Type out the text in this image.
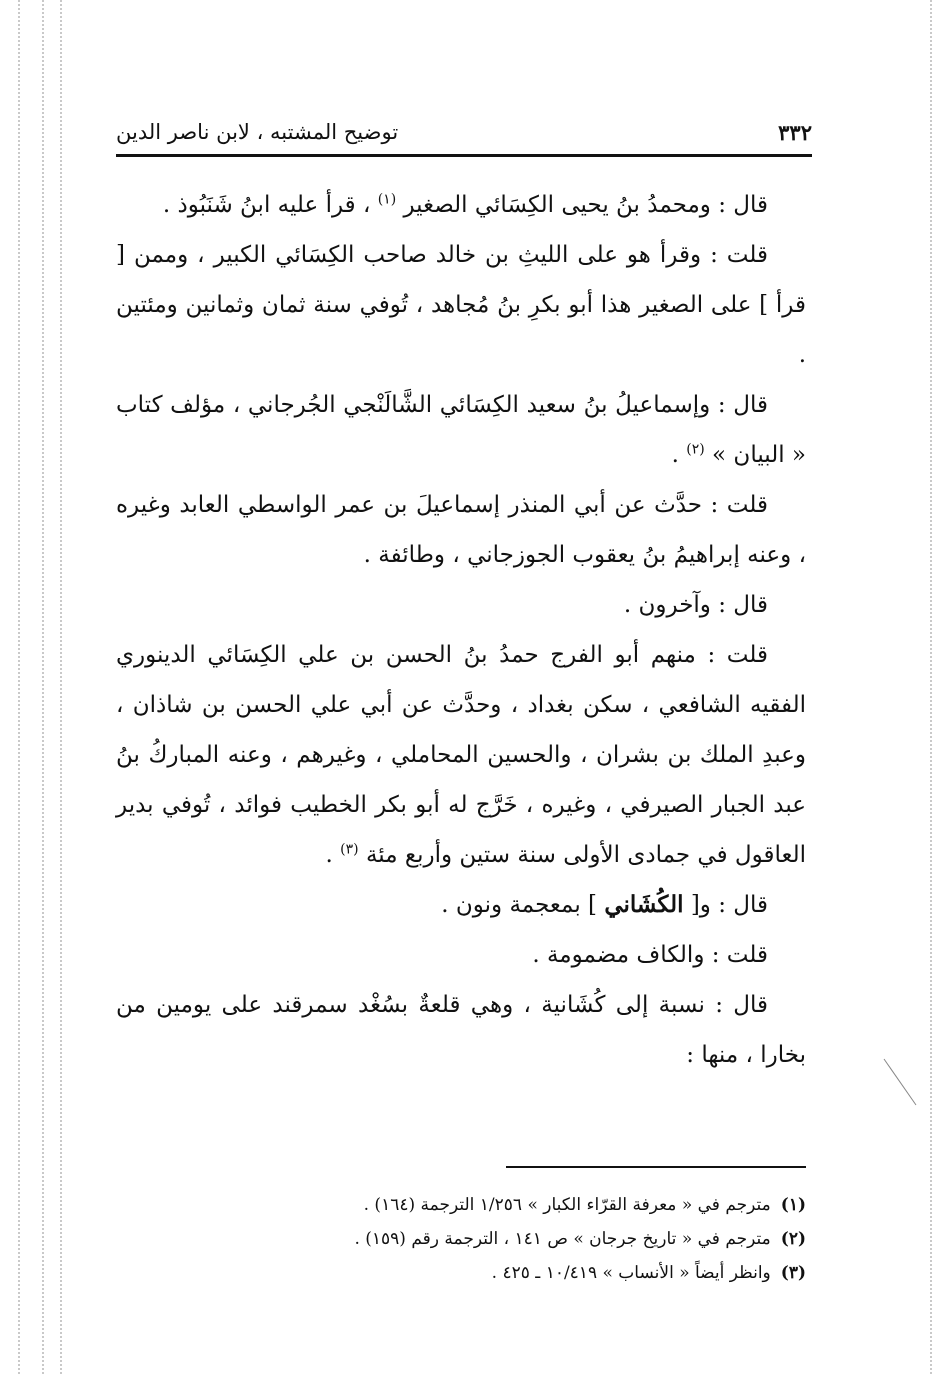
٣٣٢
توضيح المشتبه ، لابن ناصر الدين

قال : ومحمدُ بنُ يحيى الكِسَائي الصغير $^{(١)}$ ، قرأ عليه ابنُ شَنَبُوذ .

قلت : وقرأ هو على الليثِ بن خالد صاحب الكِسَائي الكبير ، وممن [ قرأ ] على الصغير هذا أبو بكرِ بنُ مُجاهد ، تُوفي سنة ثمان وثمانين ومئتين .

قال : وإسماعيلُ بنُ سعيد الكِسَائي الشَّالَنْجي الجُرجاني ، مؤلف كتاب « البيان » $^{(٢)}$ .

قلت : حدَّث عن أبي المنذر إسماعيلَ بن عمر الواسطي العابد وغيره ، وعنه إبراهيمُ بنُ يعقوب الجوزجاني ، وطائفة .

قال : وآخرون .

قلت : منهم أبو الفرج حمدُ بنُ الحسن بن علي الكِسَائي الدينوري الفقيه الشافعي ، سكن بغداد ، وحدَّث عن أبي علي الحسن بن شاذان ، وعبدِ الملك بن بشران ، والحسين المحاملي ، وغيرهم ، وعنه المباركُ بنُ عبد الجبار الصيرفي ، وغيره ، خَرَّج له أبو بكر الخطيب فوائد ، تُوفي بدير العاقول في جمادى الأولى سنة ستين وأربع مئة $^{(٣)}$ .

قال : و[ الكُشَاني ] بمعجمة ونون .

قلت : والكاف مضمومة .

قال : نسبة إلى كُشَانية ، وهي قلعةٌ بسُغْد سمرقند على يومين من بخارا ، منها :

(١)
مترجم في « معرفة القرّاء الكبار » ١/٢٥٦ الترجمة (١٦٤) .

(٢)
مترجم في « تاريخ جرجان » ص ١٤١ ، الترجمة رقم (١٥٩) .

(٣)
وانظر أيضاً « الأنساب » ١٠/٤١٩ ـ ٤٢٥ .
